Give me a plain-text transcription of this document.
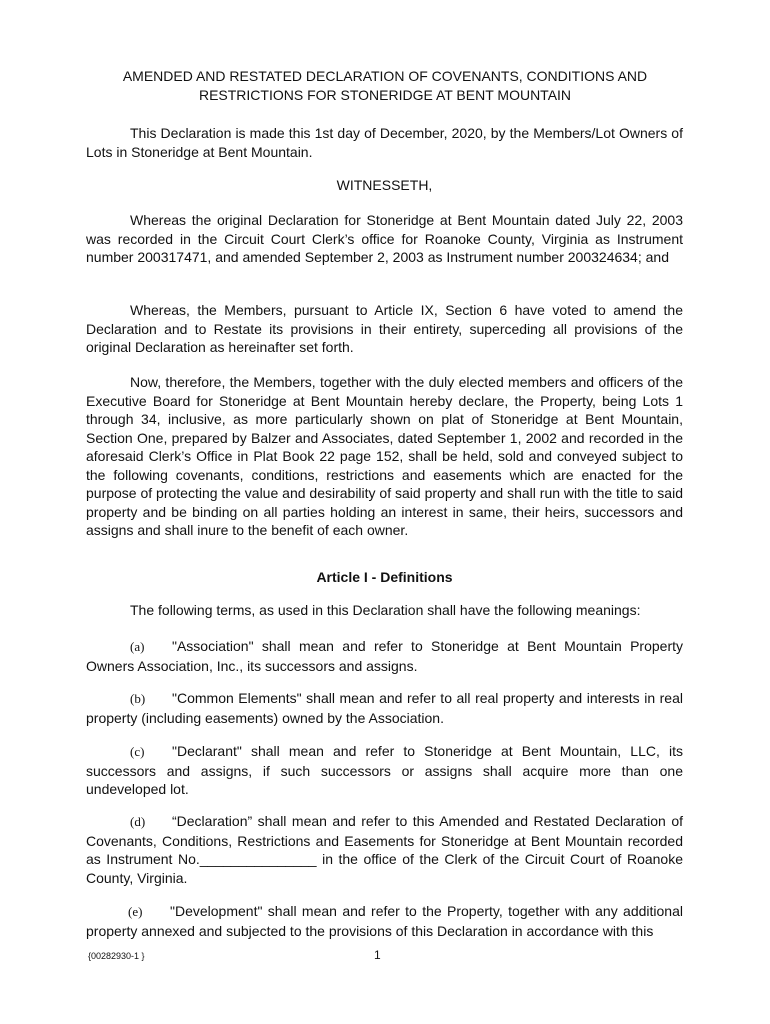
AMENDED AND RESTATED DECLARATION OF COVENANTS, CONDITIONS AND
RESTRICTIONS FOR STONERIDGE AT BENT MOUNTAIN
This Declaration is made this 1st day of December, 2020, by the Members/Lot Owners of Lots in Stoneridge at Bent Mountain.
WITNESSETH,
Whereas the original Declaration for Stoneridge at Bent Mountain dated July 22, 2003 was recorded in the Circuit Court Clerk’s office for Roanoke County, Virginia as Instrument number 200317471, and amended September 2, 2003 as Instrument number 200324634; and
Whereas, the Members, pursuant to Article IX, Section 6 have voted to amend the Declaration and to Restate its provisions in their entirety, superceding all provisions of the original Declaration as hereinafter set forth.
Now, therefore, the Members, together with the duly elected members and officers of the Executive Board for Stoneridge at Bent Mountain hereby declare, the Property, being Lots 1 through 34, inclusive, as more particularly shown on plat of Stoneridge at Bent Mountain, Section One, prepared by Balzer and Associates, dated September 1, 2002 and recorded in the aforesaid Clerk’s Office in Plat Book 22 page 152, shall be held, sold and conveyed subject to the following covenants, conditions, restrictions and easements which are enacted for the purpose of protecting the value and desirability of said property and shall run with the title to said property and be binding on all parties holding an interest in same, their heirs, successors and assigns and shall inure to the benefit of each owner.
Article I - Definitions
The following terms, as used in this Declaration shall have the following meanings:
(a) "Association" shall mean and refer to Stoneridge at Bent Mountain Property Owners Association, Inc., its successors and assigns.
(b) "Common Elements" shall mean and refer to all real property and interests in real property (including easements) owned by the Association.
(c) "Declarant" shall mean and refer to Stoneridge at Bent Mountain, LLC, its successors and assigns, if such successors or assigns shall acquire more than one undeveloped lot.
(d) “Declaration” shall mean and refer to this Amended and Restated Declaration of Covenants, Conditions, Restrictions and Easements for Stoneridge at Bent Mountain recorded as Instrument No._______________ in the office of the Clerk of the Circuit Court of Roanoke County, Virginia.
(e) "Development" shall mean and refer to the Property, together with any additional property annexed and subjected to the provisions of this Declaration in accordance with this
{00282930-1 }	1
